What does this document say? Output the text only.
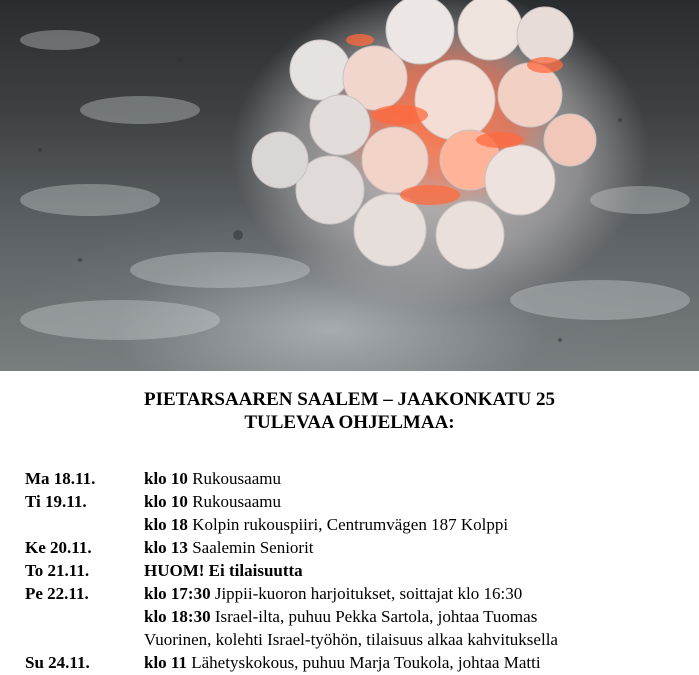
PIETARSAAREN SAALEM – JAAKONKATU 25
TULEVAA OHJELMAA:
Ma 18.11.	klo 10 Rukousaamu
Ti 19.11.	klo 10 Rukousaamu
klo 18 Kolpin rukouspiiri, Centrumvägen 187 Kolppi
Ke 20.11.	klo 13 Saalemin Seniorit
To 21.11.	HUOM! Ei tilaisuutta
Pe 22.11.	klo 17:30 Jippii-kuoron harjoitukset, soittajat klo 16:30
klo 18:30 Israel-ilta, puhuu Pekka Sartola, johtaa Tuomas
Vuorinen, kolehti Israel-työhön, tilaisuus alkaa kahvituksella
Su 24.11.	klo 11 Lähetyskokous, puhuu Marja Toukola, johtaa Matti
